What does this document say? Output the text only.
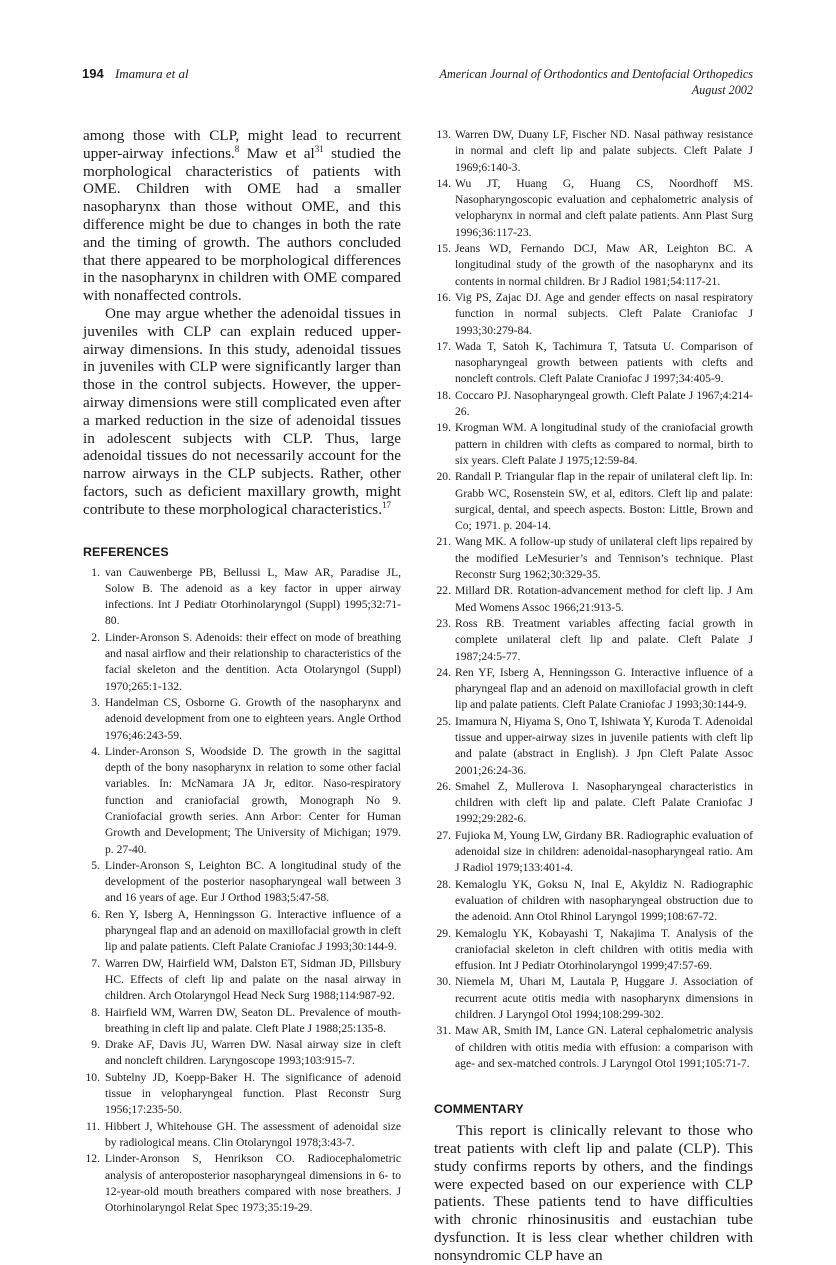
194 Imamura et al	American Journal of Orthodontics and Dentofacial Orthopedics
August 2002

among those with CLP, might lead to recurrent upper-airway infections.$^8$ Maw et $al^{31}$ studied the morphological characteristics of patients with OME. Children with OME had a smaller nasopharynx than those without OME, and this difference might be due to changes in both the rate and the timing of growth. The authors concluded that there appeared to be morphological differences in the nasopharynx in children with OME compared with nonaffected controls.

One may argue whether the adenoidal tissues in juveniles with CLP can explain reduced upper-airway dimensions. In this study, adenoidal tissues in juveniles with CLP were significantly larger than those in the control subjects. However, the upper-airway dimensions were still complicated even after a marked reduction in the size of adenoidal tissues in adolescent subjects with CLP. Thus, large adenoidal tissues do not necessarily account for the narrow airways in the CLP subjects. Rather, other factors, such as deficient maxillary growth, might contribute to these morphological characteristics.$^{17}$

REFERENCES
1. van Cauwenberge PB, Bellussi L, Maw AR, Paradise JL, Solow B. The adenoid as a key factor in upper airway infections. Int J Pediatr Otorhinolaryngol (Suppl) 1995;32:71-80.
2. Linder-Aronson S. Adenoids: their effect on mode of breathing and nasal airflow and their relationship to characteristics of the facial skeleton and the dentition. Acta Otolaryngol (Suppl) 1970;265:1-132.
3. Handelman CS, Osborne G. Growth of the nasopharynx and adenoid development from one to eighteen years. Angle Orthod 1976;46:243-59.
4. Linder-Aronson S, Woodside D. The growth in the sagittal depth of the bony nasopharynx in relation to some other facial variables. In: McNamara JA Jr, editor. Naso-respiratory function and craniofacial growth, Monograph No 9. Craniofacial growth series. Ann Arbor: Center for Human Growth and Development; The University of Michigan; 1979. p. 27-40.
5. Linder-Aronson S, Leighton BC. A longitudinal study of the development of the posterior nasopharyngeal wall between 3 and 16 years of age. Eur J Orthod 1983;5:47-58.
6. Ren Y, Isberg A, Henningsson G. Interactive influence of a pharyngeal flap and an adenoid on maxillofacial growth in cleft lip and palate patients. Cleft Palate Craniofac J 1993;30:144-9.
7. Warren DW, Hairfield WM, Dalston ET, Sidman JD, Pillsbury HC. Effects of cleft lip and palate on the nasal airway in children. Arch Otolaryngol Head Neck Surg 1988;114:987-92.
8. Hairfield WM, Warren DW, Seaton DL. Prevalence of mouth-breathing in cleft lip and palate. Cleft Plate J 1988;25:135-8.
9. Drake AF, Davis JU, Warren DW. Nasal airway size in cleft and noncleft children. Laryngoscope 1993;103:915-7.
10. Subtelny JD, Koepp-Baker H. The significance of adenoid tissue in velopharyngeal function. Plast Reconstr Surg 1956;17:235-50.
11. Hibbert J, Whitehouse GH. The assessment of adenoidal size by radiological means. Clin Otolaryngol 1978;3:43-7.
12. Linder-Aronson S, Henrikson CO. Radiocephalometric analysis of anteroposterior nasopharyngeal dimensions in 6- to 12-year-old mouth breathers compared with nose breathers. J Otorhinolaryngol Relat Spec 1973;35:19-29.
13. Warren DW, Duany LF, Fischer ND. Nasal pathway resistance in normal and cleft lip and palate subjects. Cleft Palate J 1969;6:140-3.
14. Wu JT, Huang G, Huang CS, Noordhoff MS. Nasopharyngoscopic evaluation and cephalometric analysis of velopharynx in normal and cleft palate patients. Ann Plast Surg 1996;36:117-23.
15. Jeans WD, Fernando DCJ, Maw AR, Leighton BC. A longitudinal study of the growth of the nasopharynx and its contents in normal children. Br J Radiol 1981;54:117-21.
16. Vig PS, Zajac DJ. Age and gender effects on nasal respiratory function in normal subjects. Cleft Palate Craniofac J 1993;30:279-84.
17. Wada T, Satoh K, Tachimura T, Tatsuta U. Comparison of nasopharyngeal growth between patients with clefts and noncleft controls. Cleft Palate Craniofac J 1997;34:405-9.
18. Coccaro PJ. Nasopharyngeal growth. Cleft Palate J 1967;4:214-26.
19. Krogman WM. A longitudinal study of the craniofacial growth pattern in children with clefts as compared to normal, birth to six years. Cleft Palate J 1975;12:59-84.
20. Randall P. Triangular flap in the repair of unilateral cleft lip. In: Grabb WC, Rosenstein SW, et al, editors. Cleft lip and palate: surgical, dental, and speech aspects. Boston: Little, Brown and Co; 1971. p. 204-14.
21. Wang MK. A follow-up study of unilateral cleft lips repaired by the modified LeMesurier’s and Tennison’s technique. Plast Reconstr Surg 1962;30:329-35.
22. Millard DR. Rotation-advancement method for cleft lip. J Am Med Womens Assoc 1966;21:913-5.
23. Ross RB. Treatment variables affecting facial growth in complete unilateral cleft lip and palate. Cleft Palate J 1987;24:5-77.
24. Ren YF, Isberg A, Henningsson G. Interactive influence of a pharyngeal flap and an adenoid on maxillofacial growth in cleft lip and palate patients. Cleft Palate Craniofac J 1993;30:144-9.
25. Imamura N, Hiyama S, Ono T, Ishiwata Y, Kuroda T. Adenoidal tissue and upper-airway sizes in juvenile patients with cleft lip and palate (abstract in English). J Jpn Cleft Palate Assoc 2001;26:24-36.
26. Smahel Z, Mullerova I. Nasopharyngeal characteristics in children with cleft lip and palate. Cleft Palate Craniofac J 1992;29:282-6.
27. Fujioka M, Young LW, Girdany BR. Radiographic evaluation of adenoidal size in children: adenoidal-nasopharyngeal ratio. Am J Radiol 1979;133:401-4.
28. Kemaloglu YK, Goksu N, Inal E, Akyldiz N. Radiographic evaluation of children with nasopharyngeal obstruction due to the adenoid. Ann Otol Rhinol Laryngol 1999;108:67-72.
29. Kemaloglu YK, Kobayashi T, Nakajima T. Analysis of the craniofacial skeleton in cleft children with otitis media with effusion. Int J Pediatr Otorhinolaryngol 1999;47:57-69.
30. Niemela M, Uhari M, Lautala P, Huggare J. Association of recurrent acute otitis media with nasopharynx dimensions in children. J Laryngol Otol 1994;108:299-302.
31. Maw AR, Smith IM, Lance GN. Lateral cephalometric analysis of children with otitis media with effusion: a comparison with age- and sex-matched controls. J Laryngol Otol 1991;105:71-7.
COMMENTARY

This report is clinically relevant to those who treat patients with cleft lip and palate (CLP). This study confirms reports by others, and the findings were expected based on our experience with CLP patients. These patients tend to have difficulties with chronic rhinosinusitis and eustachian tube dysfunction. It is less clear whether children with nonsyndromic CLP have an
